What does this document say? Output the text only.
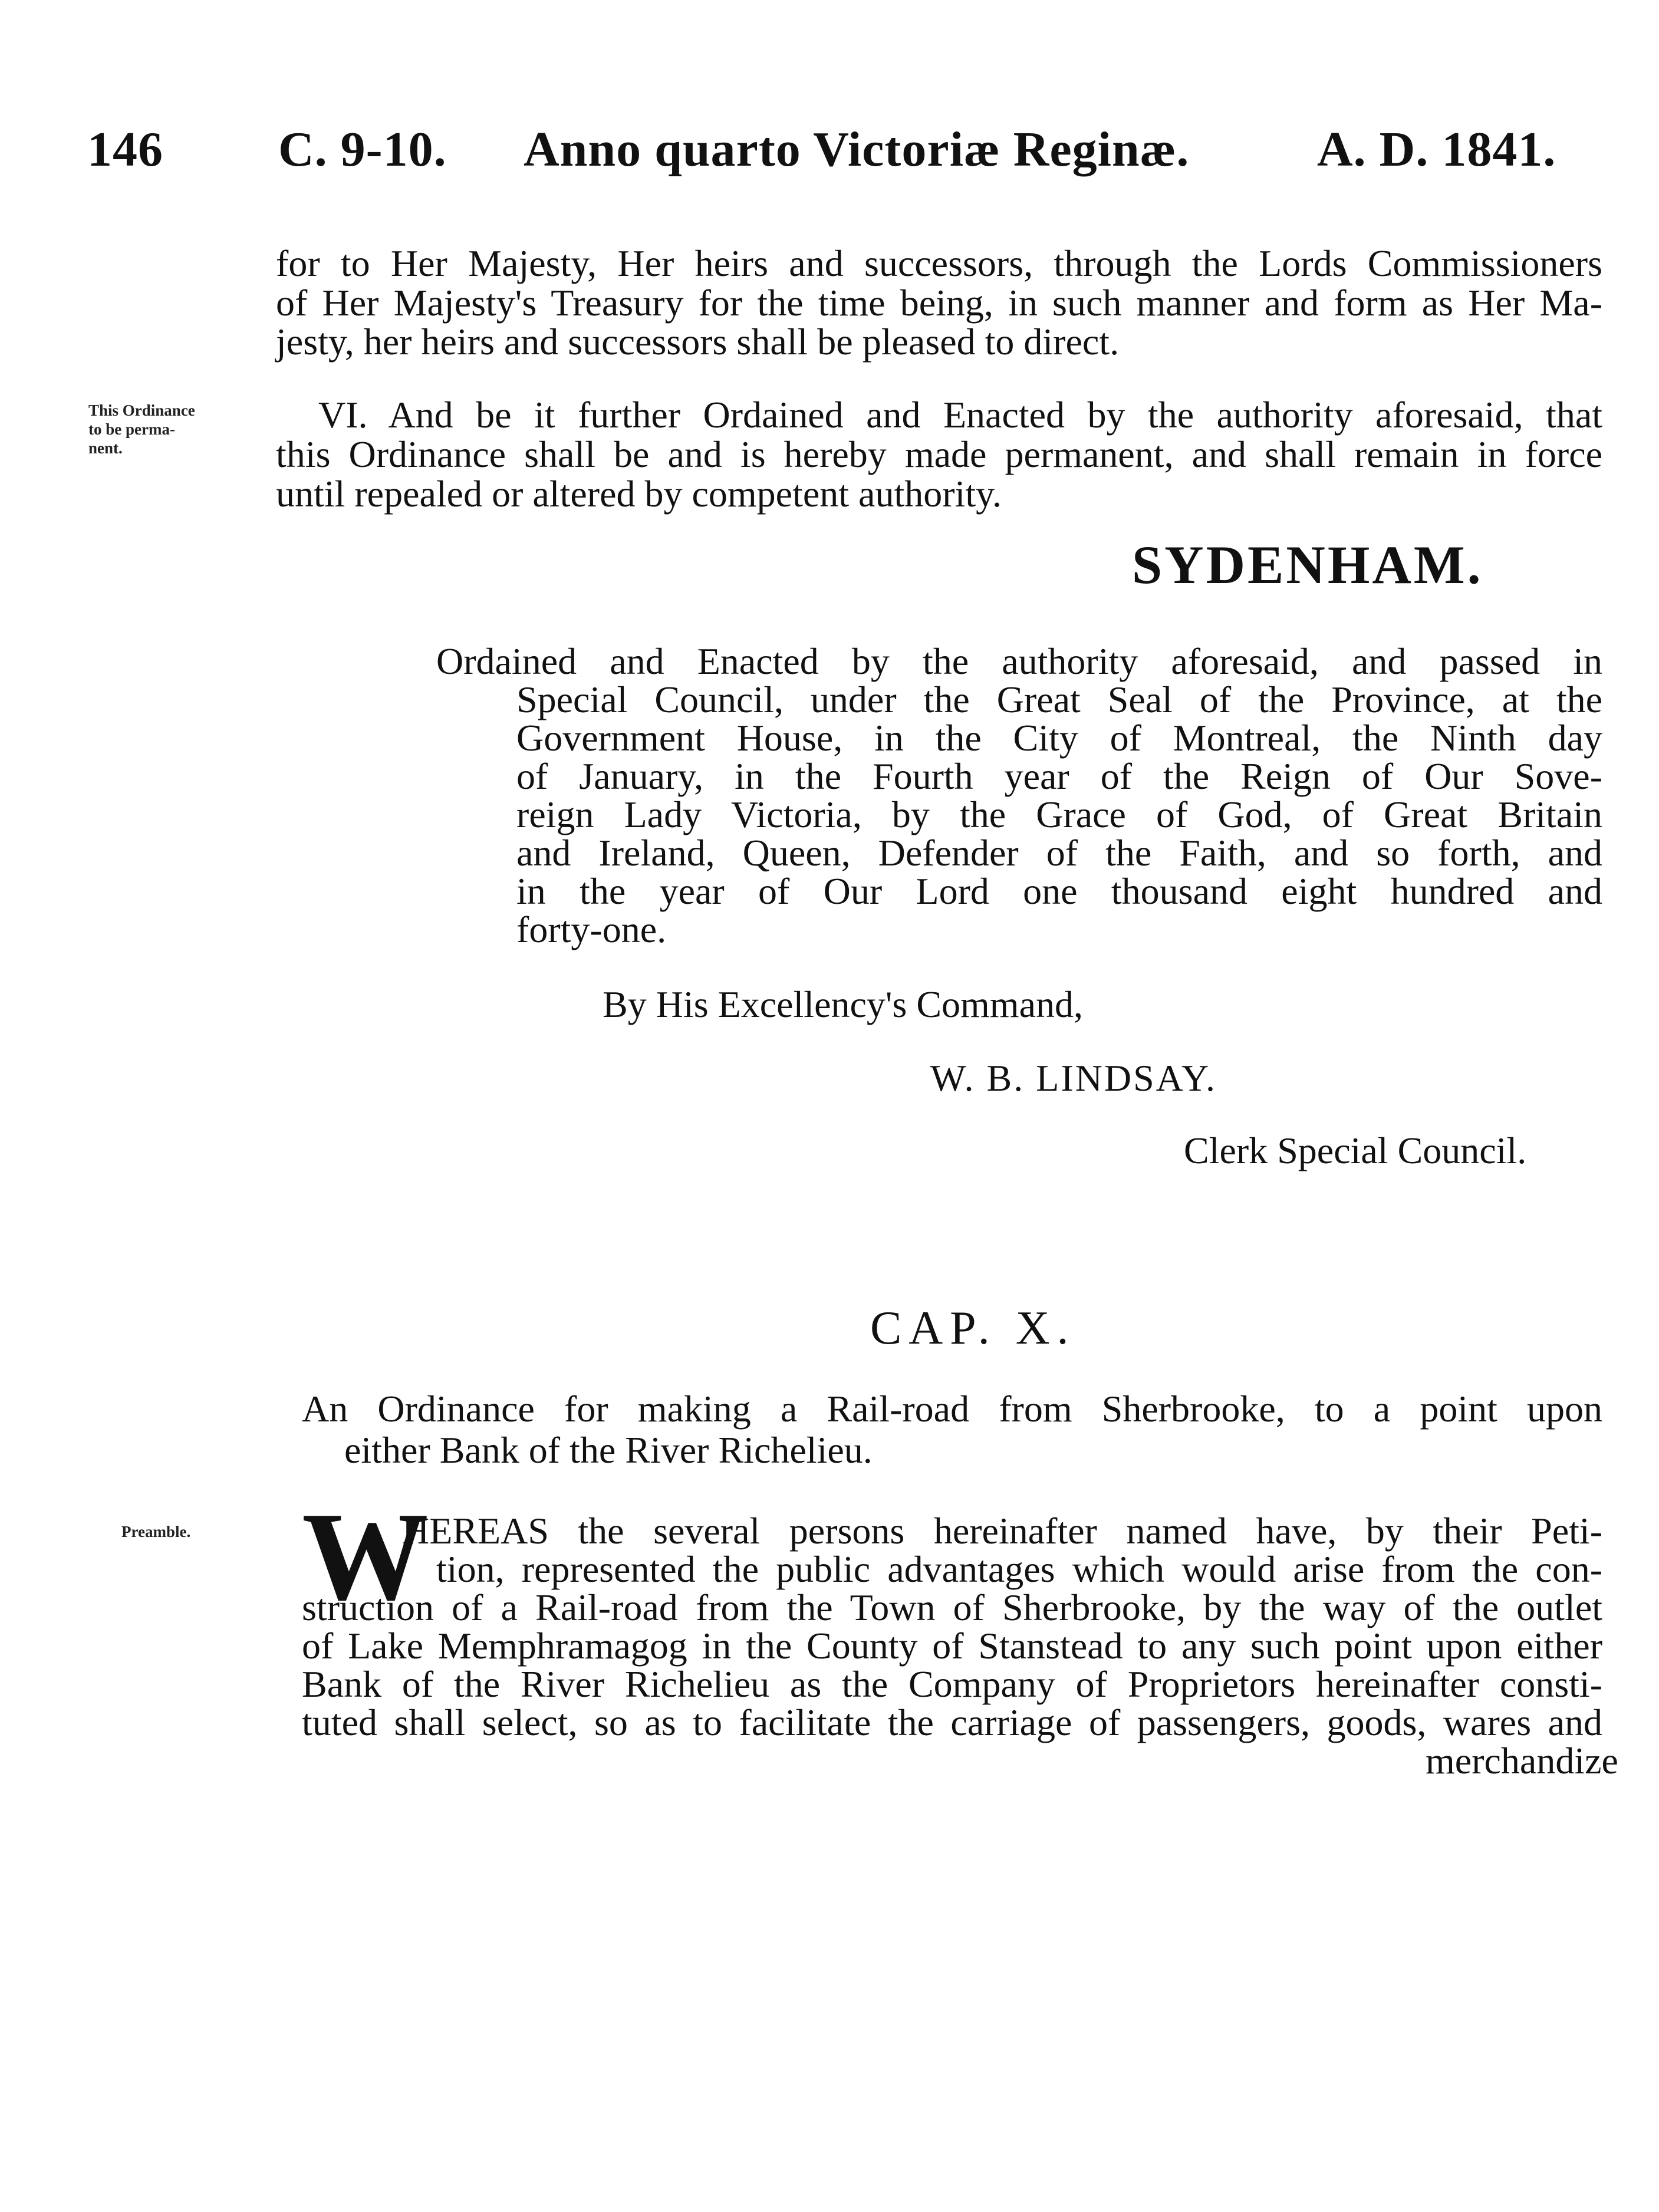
146 C. 9-10. Anno quarto Victoriæ Reginæ.	A. D. 1841.
for to Her Majesty, Her heirs and successors, through the Lords Commissioners
of Her Majesty's Treasury for the time being, in such manner and form as Her Ma-
jesty, her heirs and successors shall be pleased to direct.
This Ordinance
to be perma-
nent.
VI. And be it further Ordained and Enacted by the authority aforesaid, that
this Ordinance shall be and is hereby made permanent, and shall remain in force
until repealed or altered by competent authority.
SYDENHAM.
Ordained and Enacted by the authority aforesaid, and passed in
Special Council, under the Great Seal of the Province, at the
Government House, in the City of Montreal, the Ninth day
of January, in the Fourth year of the Reign of Our Sove-
reign Lady Victoria, by the Grace of God, of Great Britain
and Ireland, Queen, Defender of the Faith, and so forth, and
in the year of Our Lord one thousand eight hundred and
forty-one.
By His Excellency's Command,
W. B. LINDSAY.
Clerk Special Council.
CAP. X.
An Ordinance for making a Rail-road from Sherbrooke, to a point upon
either Bank of the River Richelieu.
Preamble. W
HEREAS the several persons hereinafter named have, by their Peti-
tion, represented the public advantages which would arise from the con-
struction of a Rail-road from the Town of Sherbrooke, by the way of the outlet
of Lake Memphramagog in the County of Stanstead to any such point upon either
Bank of the River Richelieu as the Company of Proprietors hereinafter consti-
tuted shall select, so as to facilitate the carriage of passengers, goods, wares and
merchandize
